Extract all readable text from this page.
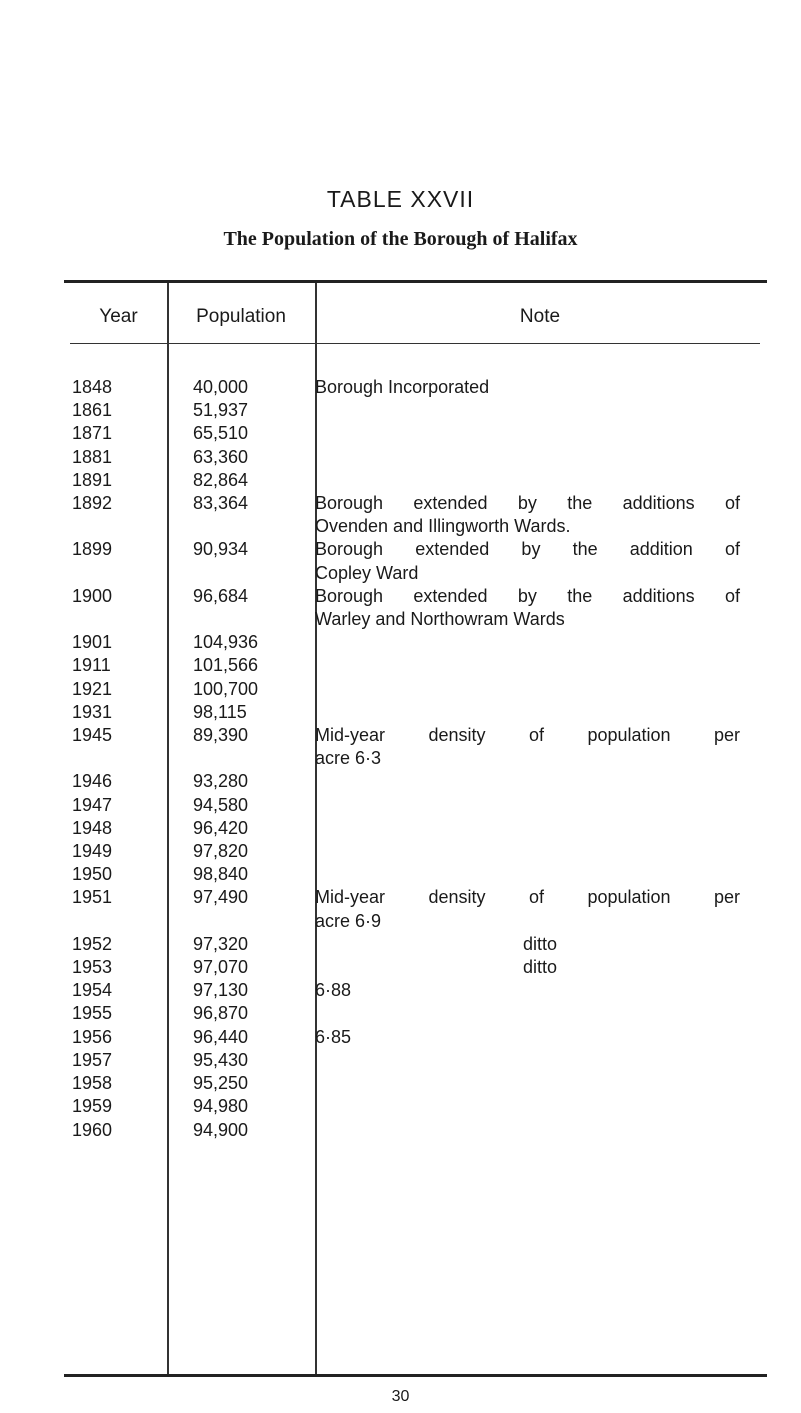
TABLE XXVII
The Population of the Borough of Halifax
Year	Population	Note
1848	40,000	Borough Incorporated
1861	51,937
1871	65,510
1881	63,360
1891	82,864
1892	83,364	Borough extended by the additions of
Ovenden and Illingworth Wards.
1899	90,934	Borough extended by the addition of
Copley Ward
1900	96,684	Borough extended by the additions of
Warley and Northowram Wards
1901	104,936
1911	101,566
1921	100,700
1931	98,115
1945	89,390	Mid-year density of population per
acre 6·3
1946	93,280
1947	94,580
1948	96,420
1949	97,820
1950	98,840
1951	97,490	Mid-year density of population per
acre 6·9
1952	97,320	ditto
1953	97,070	ditto
1954	97,130	6·88
1955	96,870
1956	96,440	6·85
1957	95,430
1958	95,250
1959	94,980
1960	94,900
30
